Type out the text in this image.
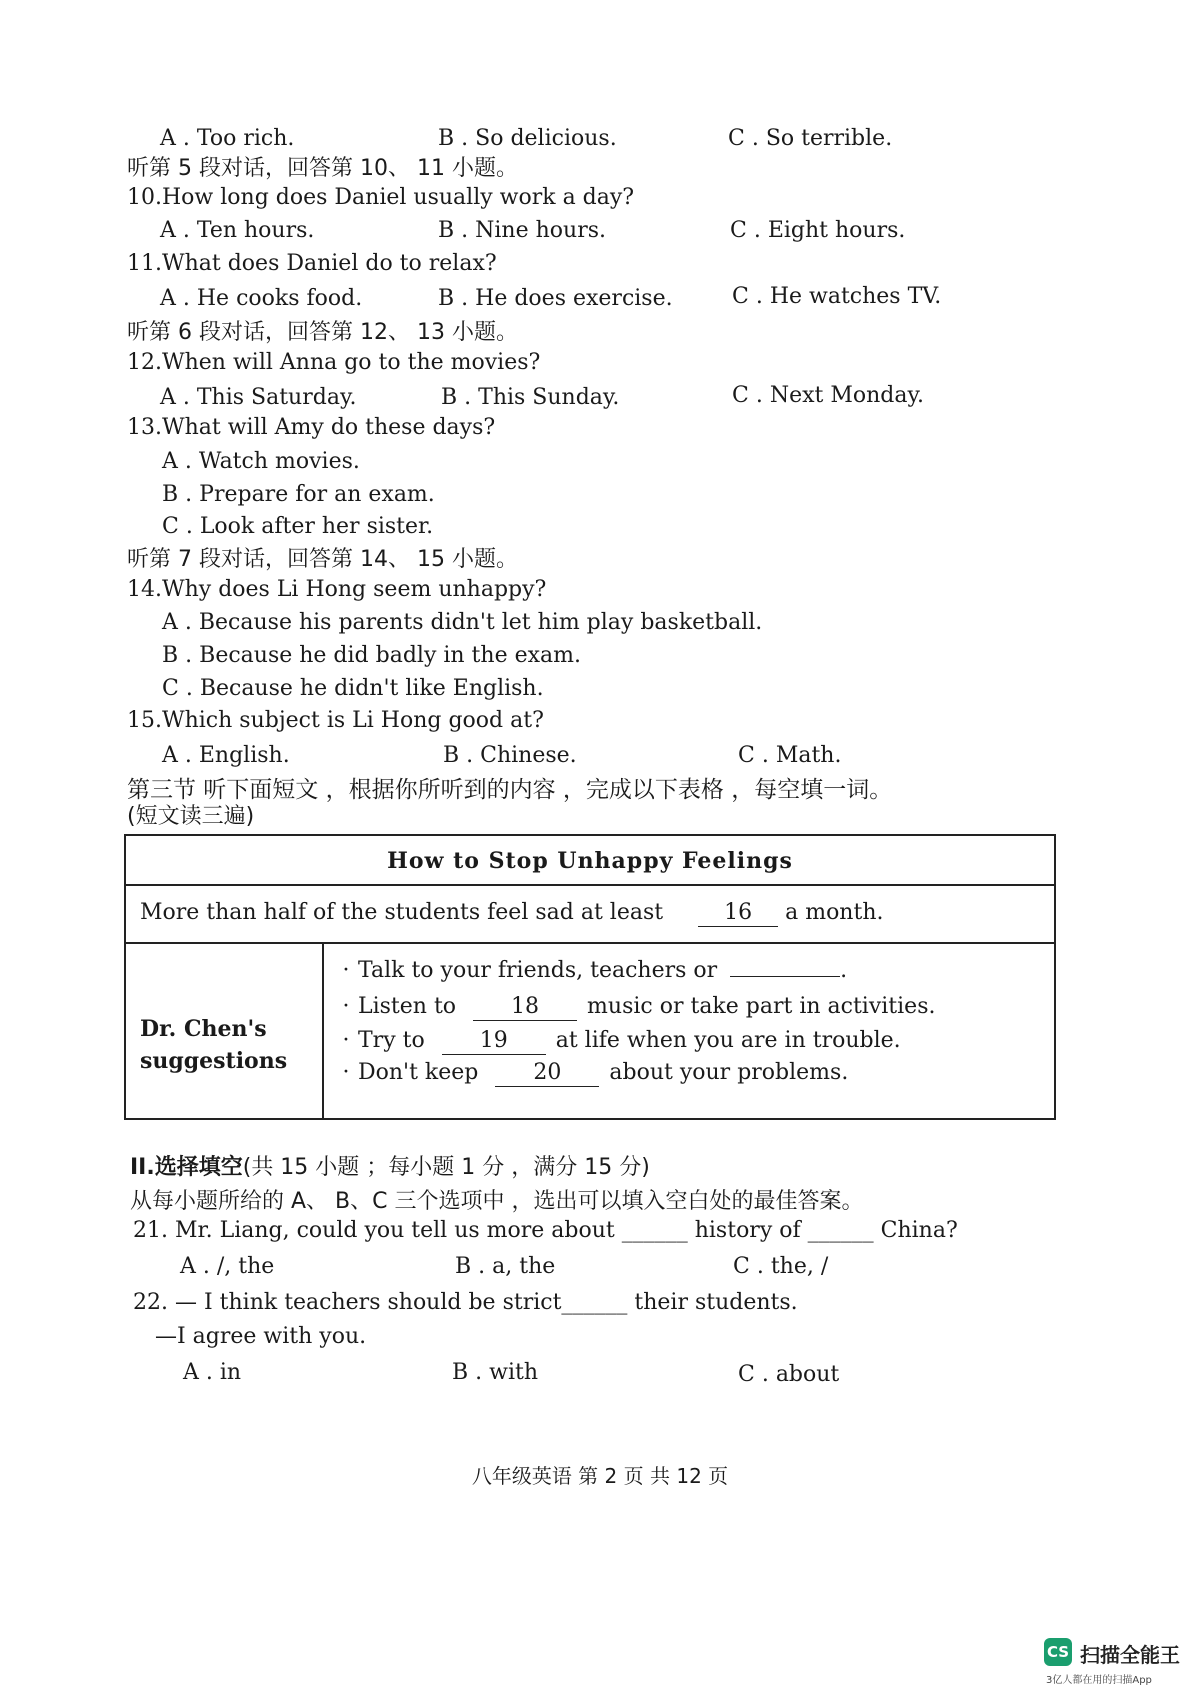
A . Too rich.	B . So delicious.	C . So terrible.
听第 5 段对话，回答第 10、 11 小题。
10.How long does Daniel usually work a day?
A . Ten hours.	B . Nine hours.	C . Eight hours.
11.What does Daniel do to relax?
A . He cooks food.	B . He does exercise.	C . He watches TV.
听第 6 段对话，回答第 12、 13 小题。
12.When will Anna go to the movies?
A . This Saturday.	B . This Sunday.	C . Next Monday.
13.What will Amy do these days?
A . Watch movies.
B . Prepare for an exam.
C . Look after her sister.
听第 7 段对话，回答第 14、 15 小题。
14.Why does Li Hong seem unhappy?
A . Because his parents didn't let him play basketball.
B . Because he did badly in the exam.
C . Because he didn't like English.
15.Which subject is Li Hong good at?
A . English.	B . Chinese.	C . Math.
第三节 听下面短文 ，根据你所听到的内容 ，完成以下表格 ，每空填一词。
(短文读三遍)
How to Stop Unhappy Feelings
More than half of the students feel sad at least	16 a month.
Dr. Chen's
suggestions
· Talk to your friends, teachers or	.
· Listen to	18 music or take part in activities.
· Try to	19 at life when you are in trouble.
· Don't keep	20 about your problems.
II.选择填空(共 15 小题 ；每小题 1 分 ，满分 15 分)
从每小题所给的 A、 B、C 三个选项中 ，选出可以填入空白处的最佳答案。
21. Mr. Liang, could you tell us more about ______ history of ______ China?
A . /, the	B . a, the	C . the, /
22. — I think teachers should be strict______ their students.
—I agree with you.
A . in	B . with	C . about
八年级英语 第 2 页 共 12 页
CS 扫描全能王
3亿人都在用的扫描App
